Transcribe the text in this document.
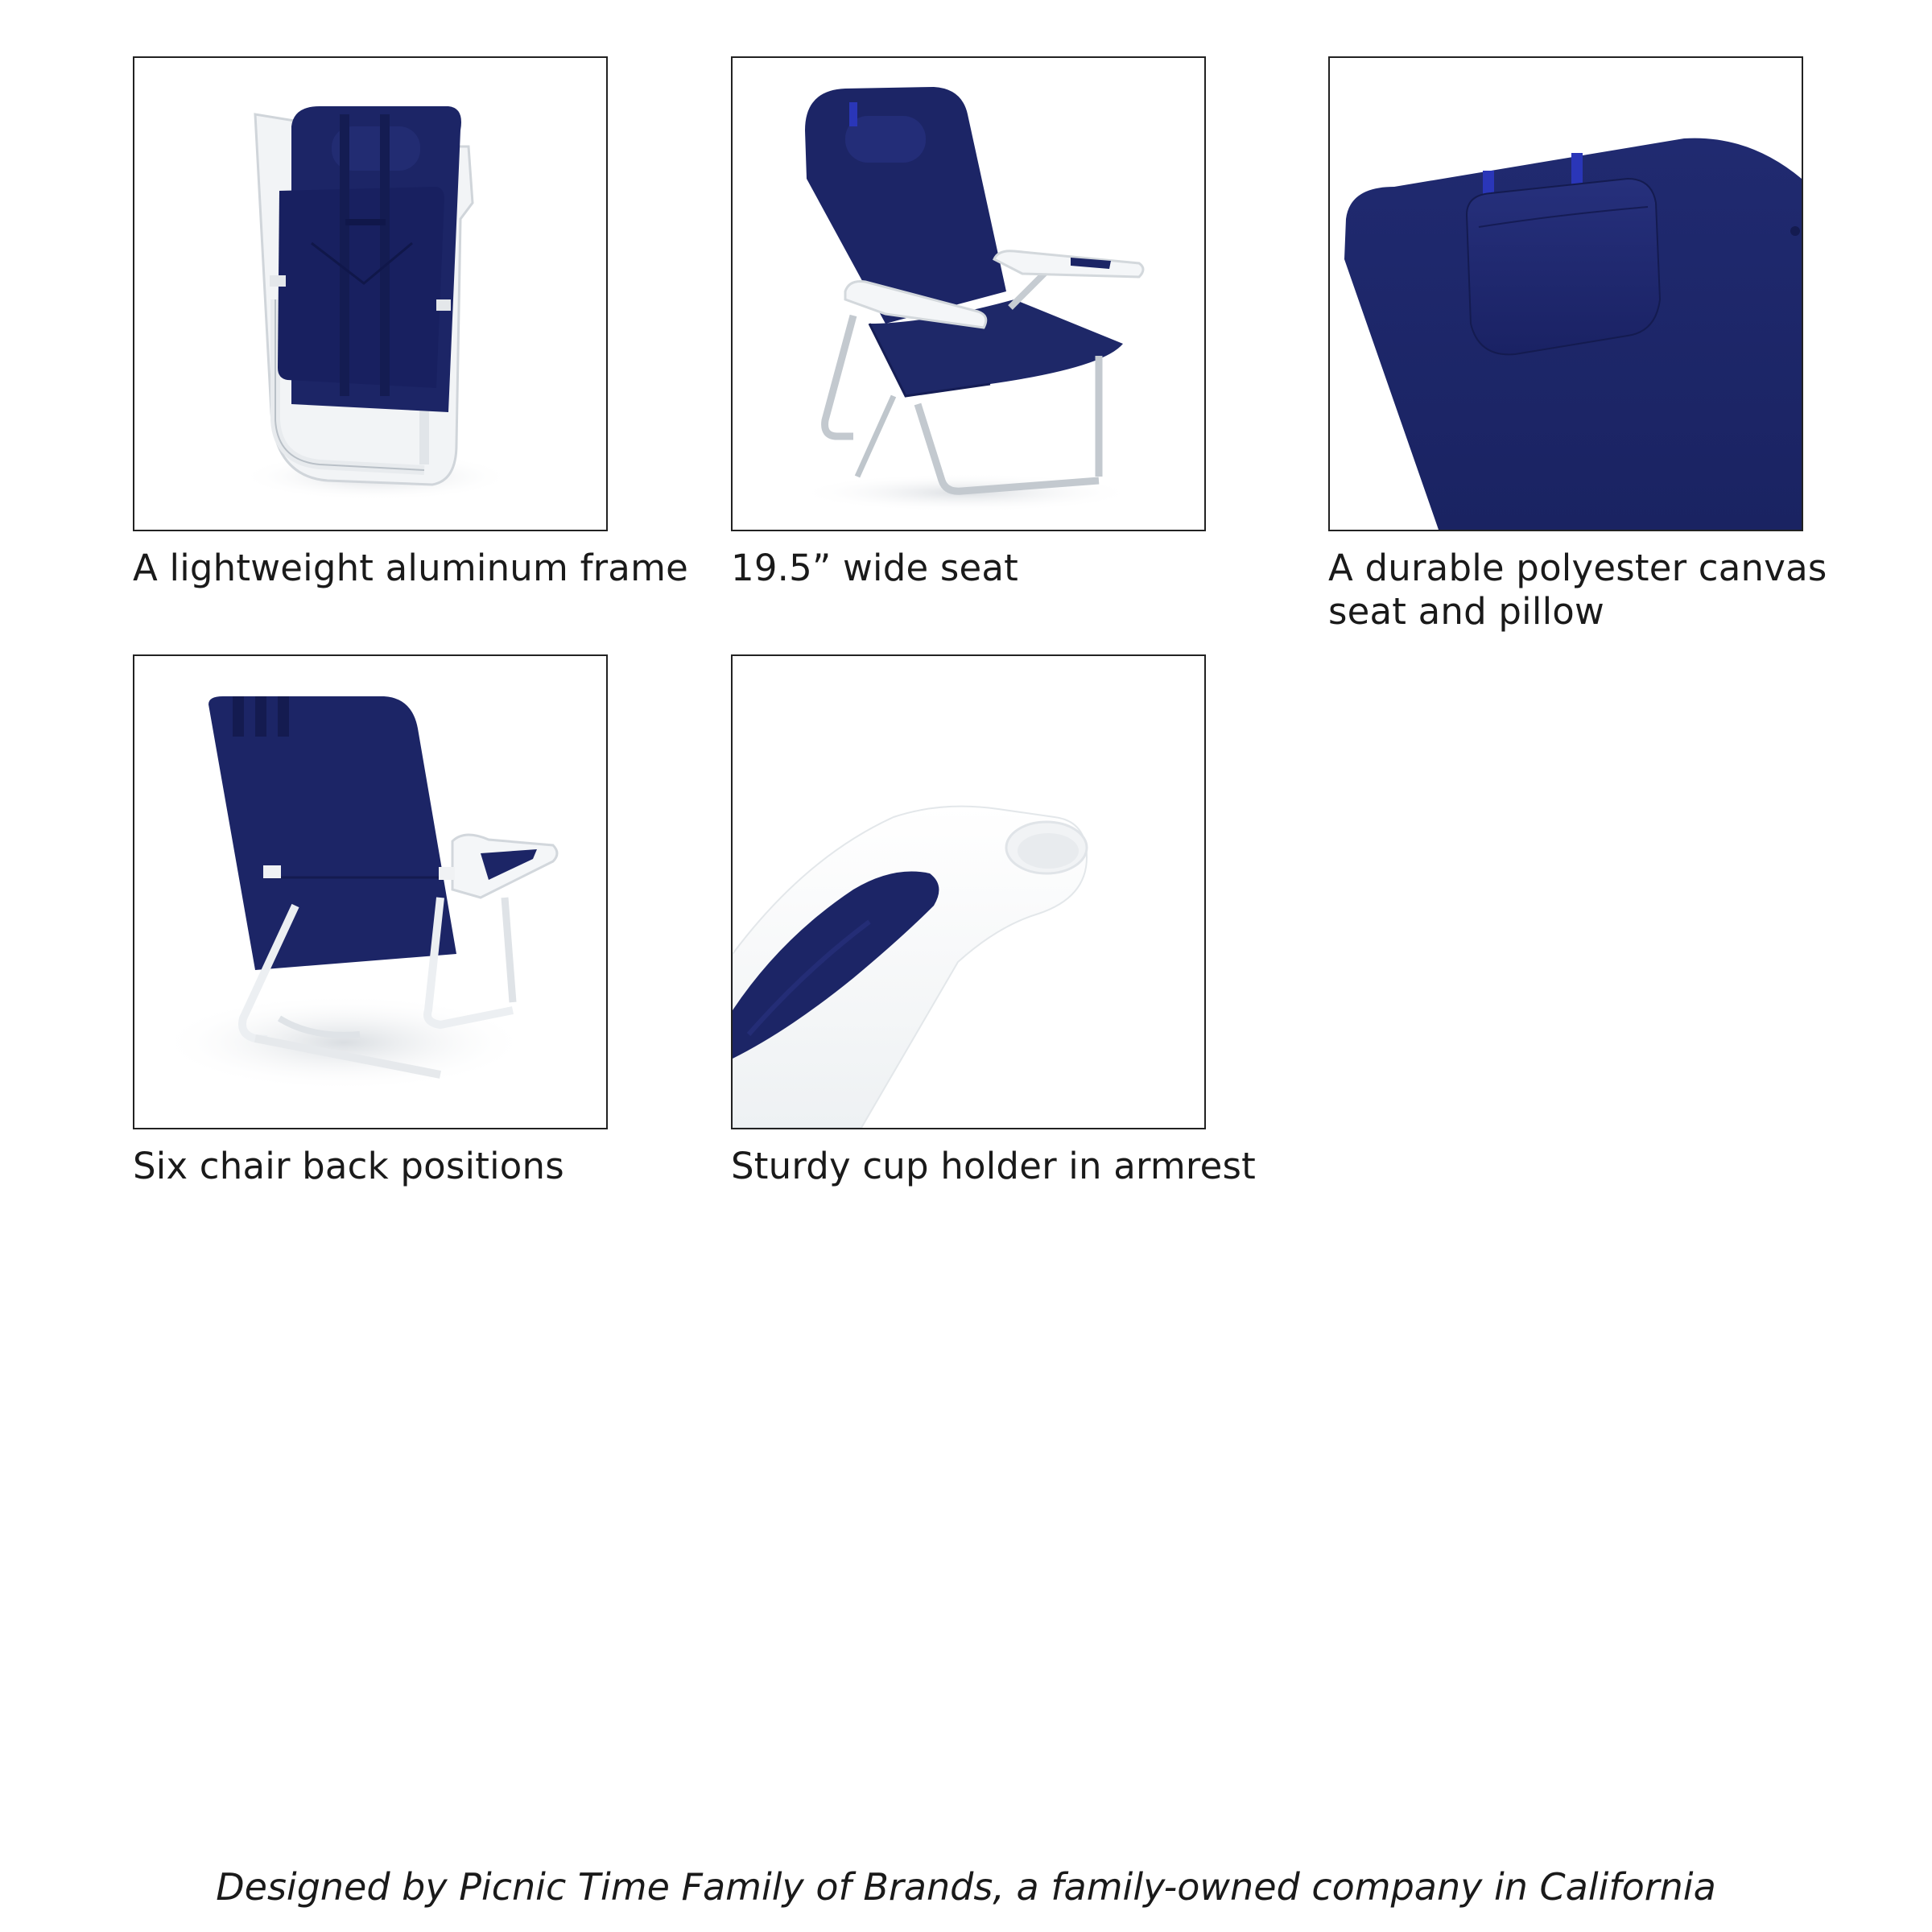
A lightweight aluminum frame 19.5” wide seat	A durable polyester canvas
seat and pillow
Six chair back positions	Sturdy cup holder in armrest
Designed by Picnic Time Family of Brands, a family-owned company in California
